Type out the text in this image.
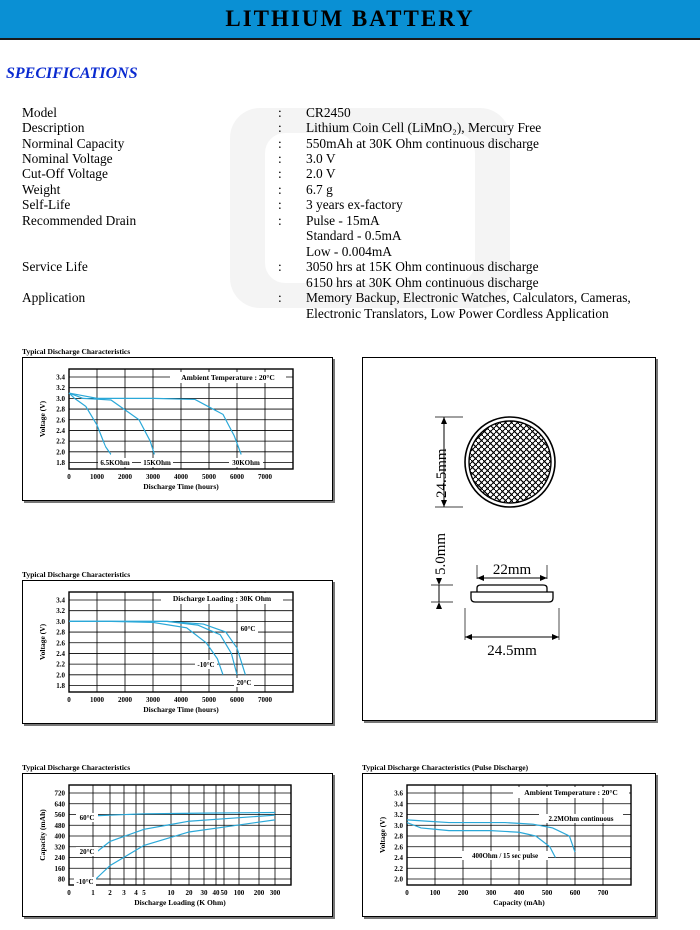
LITHIUM BATTERY
SPECIFICATIONS
Model	: CR2450
Description	: Lithium Coin Cell (LiMnO₂), Mercury Free
Norminal Capacity	: 550mAh at 30K Ohm continuous discharge
Nominal Voltage	: 3.0 V
Cut-Off Voltage	: 2.0 V
Weight	: 6.7 g
Self-Life	: 3 years ex-factory
Recommended Drain	: Pulse - 15mA
Standard - 0.5mA
Low - 0.004mA
Service Life	: 3050 hrs at 15K Ohm continuous discharge
6150 hrs at 30K Ohm continuous discharge
Application	: Memory Backup, Electronic Watches, Calculators, Cameras,
Electronic Translators, Low Power Cordless Application
Typical Discharge Characteristics
3.4
3.2
3.0
2.8
2.6
2.4
2.2
2.0
1.8
0	1000 2000 3000 4000 5000 6000 7000
Discharge Time (hours)
Voltage (V)
6.5KOhm 15KOhm	30KOhm
Ambient Temperature : 20°C
Typical Discharge Characteristics
3.4
3.2
3.0
2.8
2.6
2.4
2.2
2.0
1.8
0	1000 2000 3000 4000 5000 6000 7000
Discharge Time (hours)
Voltage (V)	60°C
20°C
-10°C
Discharge Loading : 30K Ohm
Typical Discharge Characteristics
720
640
560
480
400
320
240
160
80
0	1 2 3 4 5	10 20 30 40 50 100 200 300
Discharge Loading (K Ohm)
Capacity (mAh)	60°C
20°C
-10°C
Typical Discharge Characteristics (Pulse Discharge)
3.6
3.4
3.2
3.0
2.8
2.6
2.4
2.2
2.0
0	100	200	300	400	500	600	700
Capacity (mAh)
Voltage (V)	2.2MOhm continuous
400Ohm / 15 sec pulse
Ambient Temperature : 20°C
24.5mm
5.0mm	22mm
24.5mm
